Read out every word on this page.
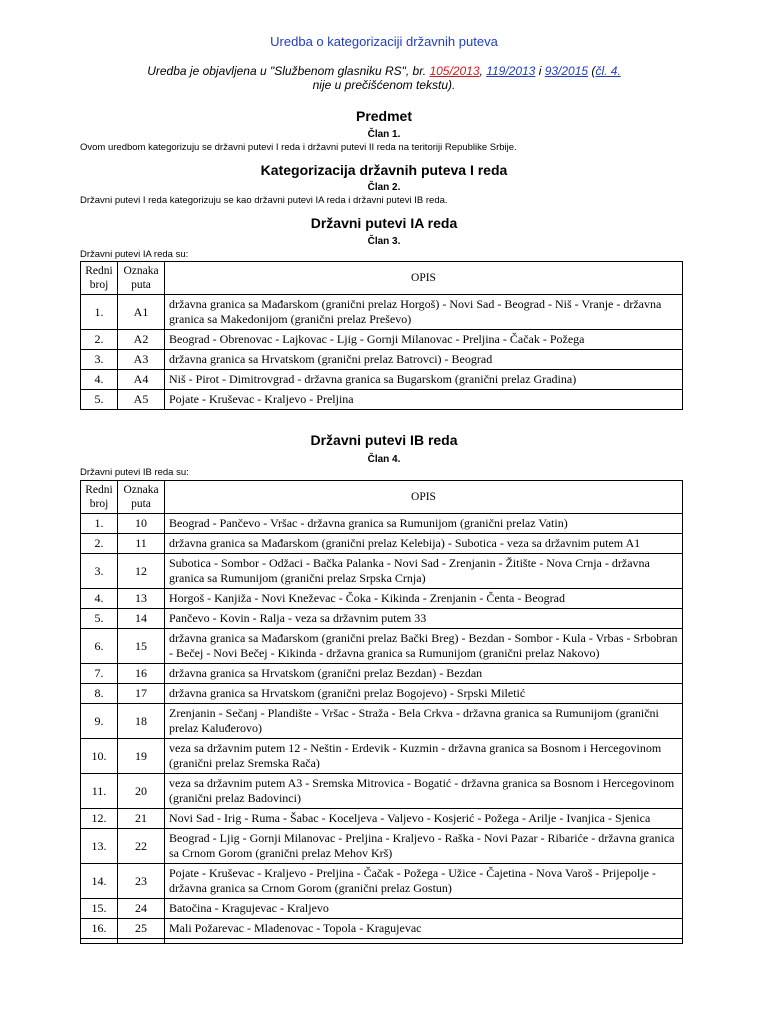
Uredba o kategorizaciji državnih puteva
Uredba je objavljena u "Službenom glasniku RS", br. 105/2013, 119/2013 i 93/2015 (čl. 4.
nije u prečišćenom tekstu).
Predmet
Član 1.
Ovom uredbom kategorizuju se državni putevi I reda i državni putevi II reda na teritoriji Republike Srbije.
Kategorizacija državnih puteva I reda
Član 2.
Državni putevi I reda kategorizuju se kao državni putevi IA reda i državni putevi IB reda.
Državni putevi IA reda
Član 3.
Državni putevi IA reda su:
Redni broj	Oznaka puta	OPIS
1.	A1	državna granica sa Mađarskom (granični prelaz Horgoš) - Novi Sad - Beograd - Niš - Vranje - državna granica sa Makedonijom (granični prelaz Preševo)
2.	A2	Beograd - Obrenovac - Lajkovac - Ljig - Gornji Milanovac - Preljina - Čačak - Požega
3.	A3	državna granica sa Hrvatskom (granični prelaz Batrovci) - Beograd
4.	A4	Niš - Pirot - Dimitrovgrad - državna granica sa Bugarskom (granični prelaz Gradina)
5.	A5	Pojate - Kruševac - Kraljevo - Preljina
Državni putevi IB reda
Član 4.
Državni putevi IB reda su:
Redni broj	Oznaka puta	OPIS
1.	10	Beograd - Pančevo - Vršac - državna granica sa Rumunijom (granični prelaz Vatin)
2.	11	državna granica sa Mađarskom (granični prelaz Kelebija) - Subotica - veza sa državnim putem A1
3.	12	Subotica - Sombor - Odžaci - Bačka Palanka - Novi Sad - Zrenjanin - Žitište - Nova Crnja - državna granica sa Rumunijom (granični prelaz Srpska Crnja)
4.	13	Horgoš - Kanjiža - Novi Kneževac - Čoka - Kikinda - Zrenjanin - Čenta - Beograd
5.	14	Pančevo - Kovin - Ralja - veza sa državnim putem 33
6.	15	državna granica sa Mađarskom (granični prelaz Bački Breg) - Bezdan - Sombor - Kula - Vrbas - Srbobran - Bečej - Novi Bečej - Kikinda - državna granica sa Rumunijom (granični prelaz Nakovo)
7.	16	državna granica sa Hrvatskom (granični prelaz Bezdan) - Bezdan
8.	17	državna granica sa Hrvatskom (granični prelaz Bogojevo) - Srpski Miletić
9.	18	Zrenjanin - Sečanj - Plandište - Vršac - Straža - Bela Crkva - državna granica sa Rumunijom (granični prelaz Kaluđerovo)
10.	19	veza sa državnim putem 12 - Neštin - Erdevik - Kuzmin - državna granica sa Bosnom i Hercegovinom (granični prelaz Sremska Rača)
11.	20	veza sa državnim putem A3 - Sremska Mitrovica - Bogatić - državna granica sa Bosnom i Hercegovinom (granični prelaz Badovinci)
12.	21	Novi Sad - Irig - Ruma - Šabac - Koceljeva - Valjevo - Kosjerić - Požega - Arilje - Ivanjica - Sjenica
13.	22	Beograd - Ljig - Gornji Milanovac - Preljina - Kraljevo - Raška - Novi Pazar - Ribariće - državna granica sa Crnom Gorom (granični prelaz Mehov Krš)
14.	23	Pojate - Kruševac - Kraljevo - Preljina - Čačak - Požega - Užice - Čajetina - Nova Varoš - Prijepolje - državna granica sa Crnom Gorom (granični prelaz Gostun)
15.	24	Batočina - Kragujevac - Kraljevo
16.	25	Mali Požarevac - Mladenovac - Topola - Kragujevac
